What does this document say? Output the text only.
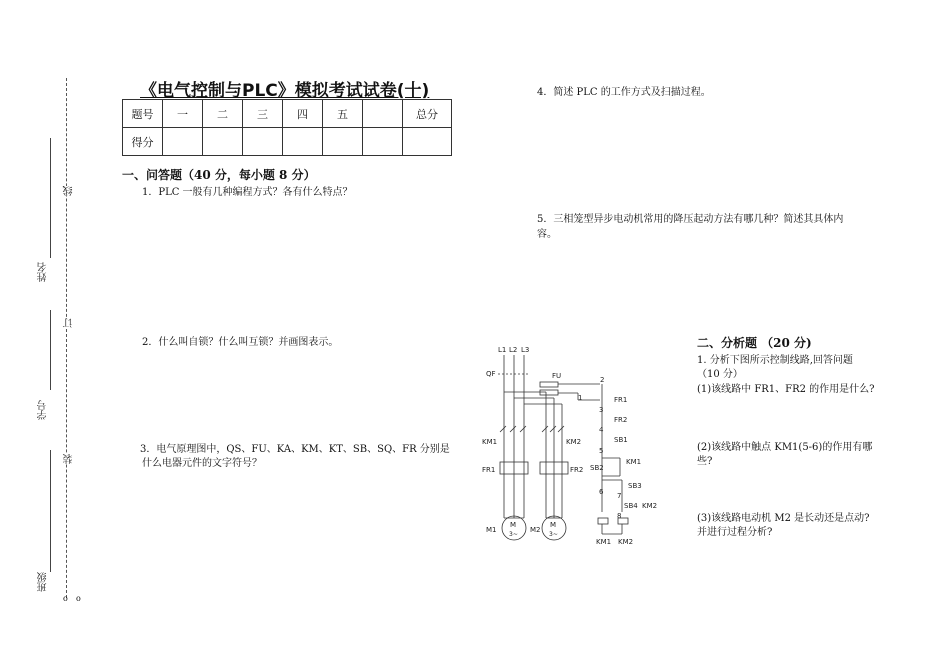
姓名
学号
班级
线
订
装
o o
《电气控制与PLC》模拟考试试卷(十)
题号	一	二	三	四	五		总分
得分							
一、问答题（40 分，每小题 8 分）
1．PLC 一般有几种编程方式？各有什么特点？
2．什么叫自锁？什么叫互锁？并画图表示。
3．电气原理图中，QS、FU、KA、KM、KT、SB、SQ、FR 分别是
什么电器元件的文字符号？
4．简述 PLC 的工作方式及扫描过程。
5．三相笼型异步电动机常用的降压起动方法有哪几种？简述其具体内
容。
二、分析题 （20 分)
1. 分析下图所示控制线路,回答问题
（10 分）
(1)该线路中 FR1、FR2 的作用是什么?
(2)该线路中触点 KM1(5-6)的作用有哪
些?
(3)该线路电动机 M2 是长动还是点动?
并进行过程分析?
L1 L2 L3
QF	FU
KM1	KM2
FR1	FR2
M1	M2
M
3~
M
3~
2
1	FR1
3
FR2
4
SB1
5
SB2
KM1
6
SB3
7
SB4 KM2
8
KM1 KM2
